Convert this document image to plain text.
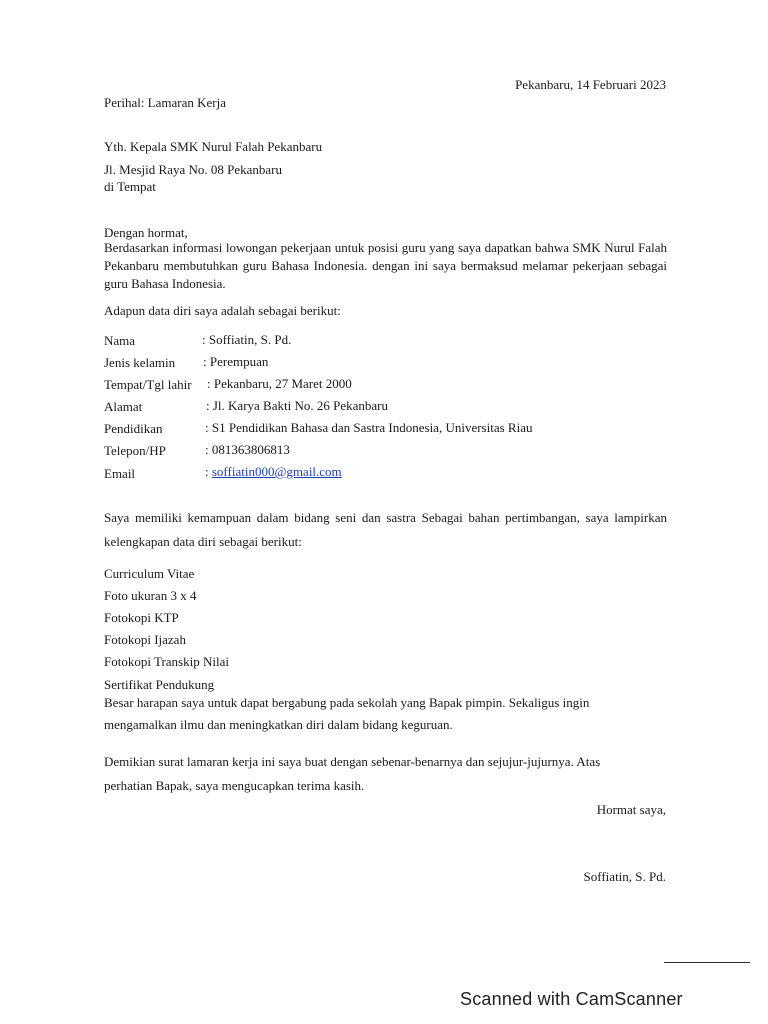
Pekanbaru, 14 Februari 2023
Perihal: Lamaran Kerja
Yth. Kepala SMK Nurul Falah Pekanbaru
Jl. Mesjid Raya No. 08 Pekanbaru
di Tempat
Dengan hormat,
Berdasarkan informasi lowongan pekerjaan untuk posisi guru yang saya dapatkan bahwa SMK Nurul Falah Pekanbaru membutuhkan guru Bahasa Indonesia. dengan ini saya bermaksud melamar pekerjaan sebagai guru Bahasa Indonesia.
Adapun data diri saya adalah sebagai berikut:
Nama	: Soffiatin, S. Pd.
Jenis kelamin : Perempuan
Tempat/Tgl lahir : Pekanbaru, 27 Maret 2000
Alamat	: Jl. Karya Bakti No. 26 Pekanbaru
Pendidikan	: S1 Pendidikan Bahasa dan Sastra Indonesia, Universitas Riau
Telepon/HP	: 081363806813
Email	: soffiatin000@gmail.com
Saya memiliki kemampuan dalam bidang seni dan sastra Sebagai bahan pertimbangan, saya lampirkan kelengkapan data diri sebagai berikut:
Curriculum Vitae
Foto ukuran 3 x 4
Fotokopi KTP
Fotokopi Ijazah
Fotokopi Transkip Nilai
Sertifikat Pendukung
Besar harapan saya untuk dapat bergabung pada sekolah yang Bapak pimpin. Sekaligus ingin mengamalkan ilmu dan meningkatkan diri dalam bidang keguruan.
Demikian surat lamaran kerja ini saya buat dengan sebenar-benarnya dan sejujur-jujurnya. Atas perhatian Bapak, saya mengucapkan terima kasih.
Hormat saya,
Soffiatin, S. Pd.
Scanned with CamScanner
